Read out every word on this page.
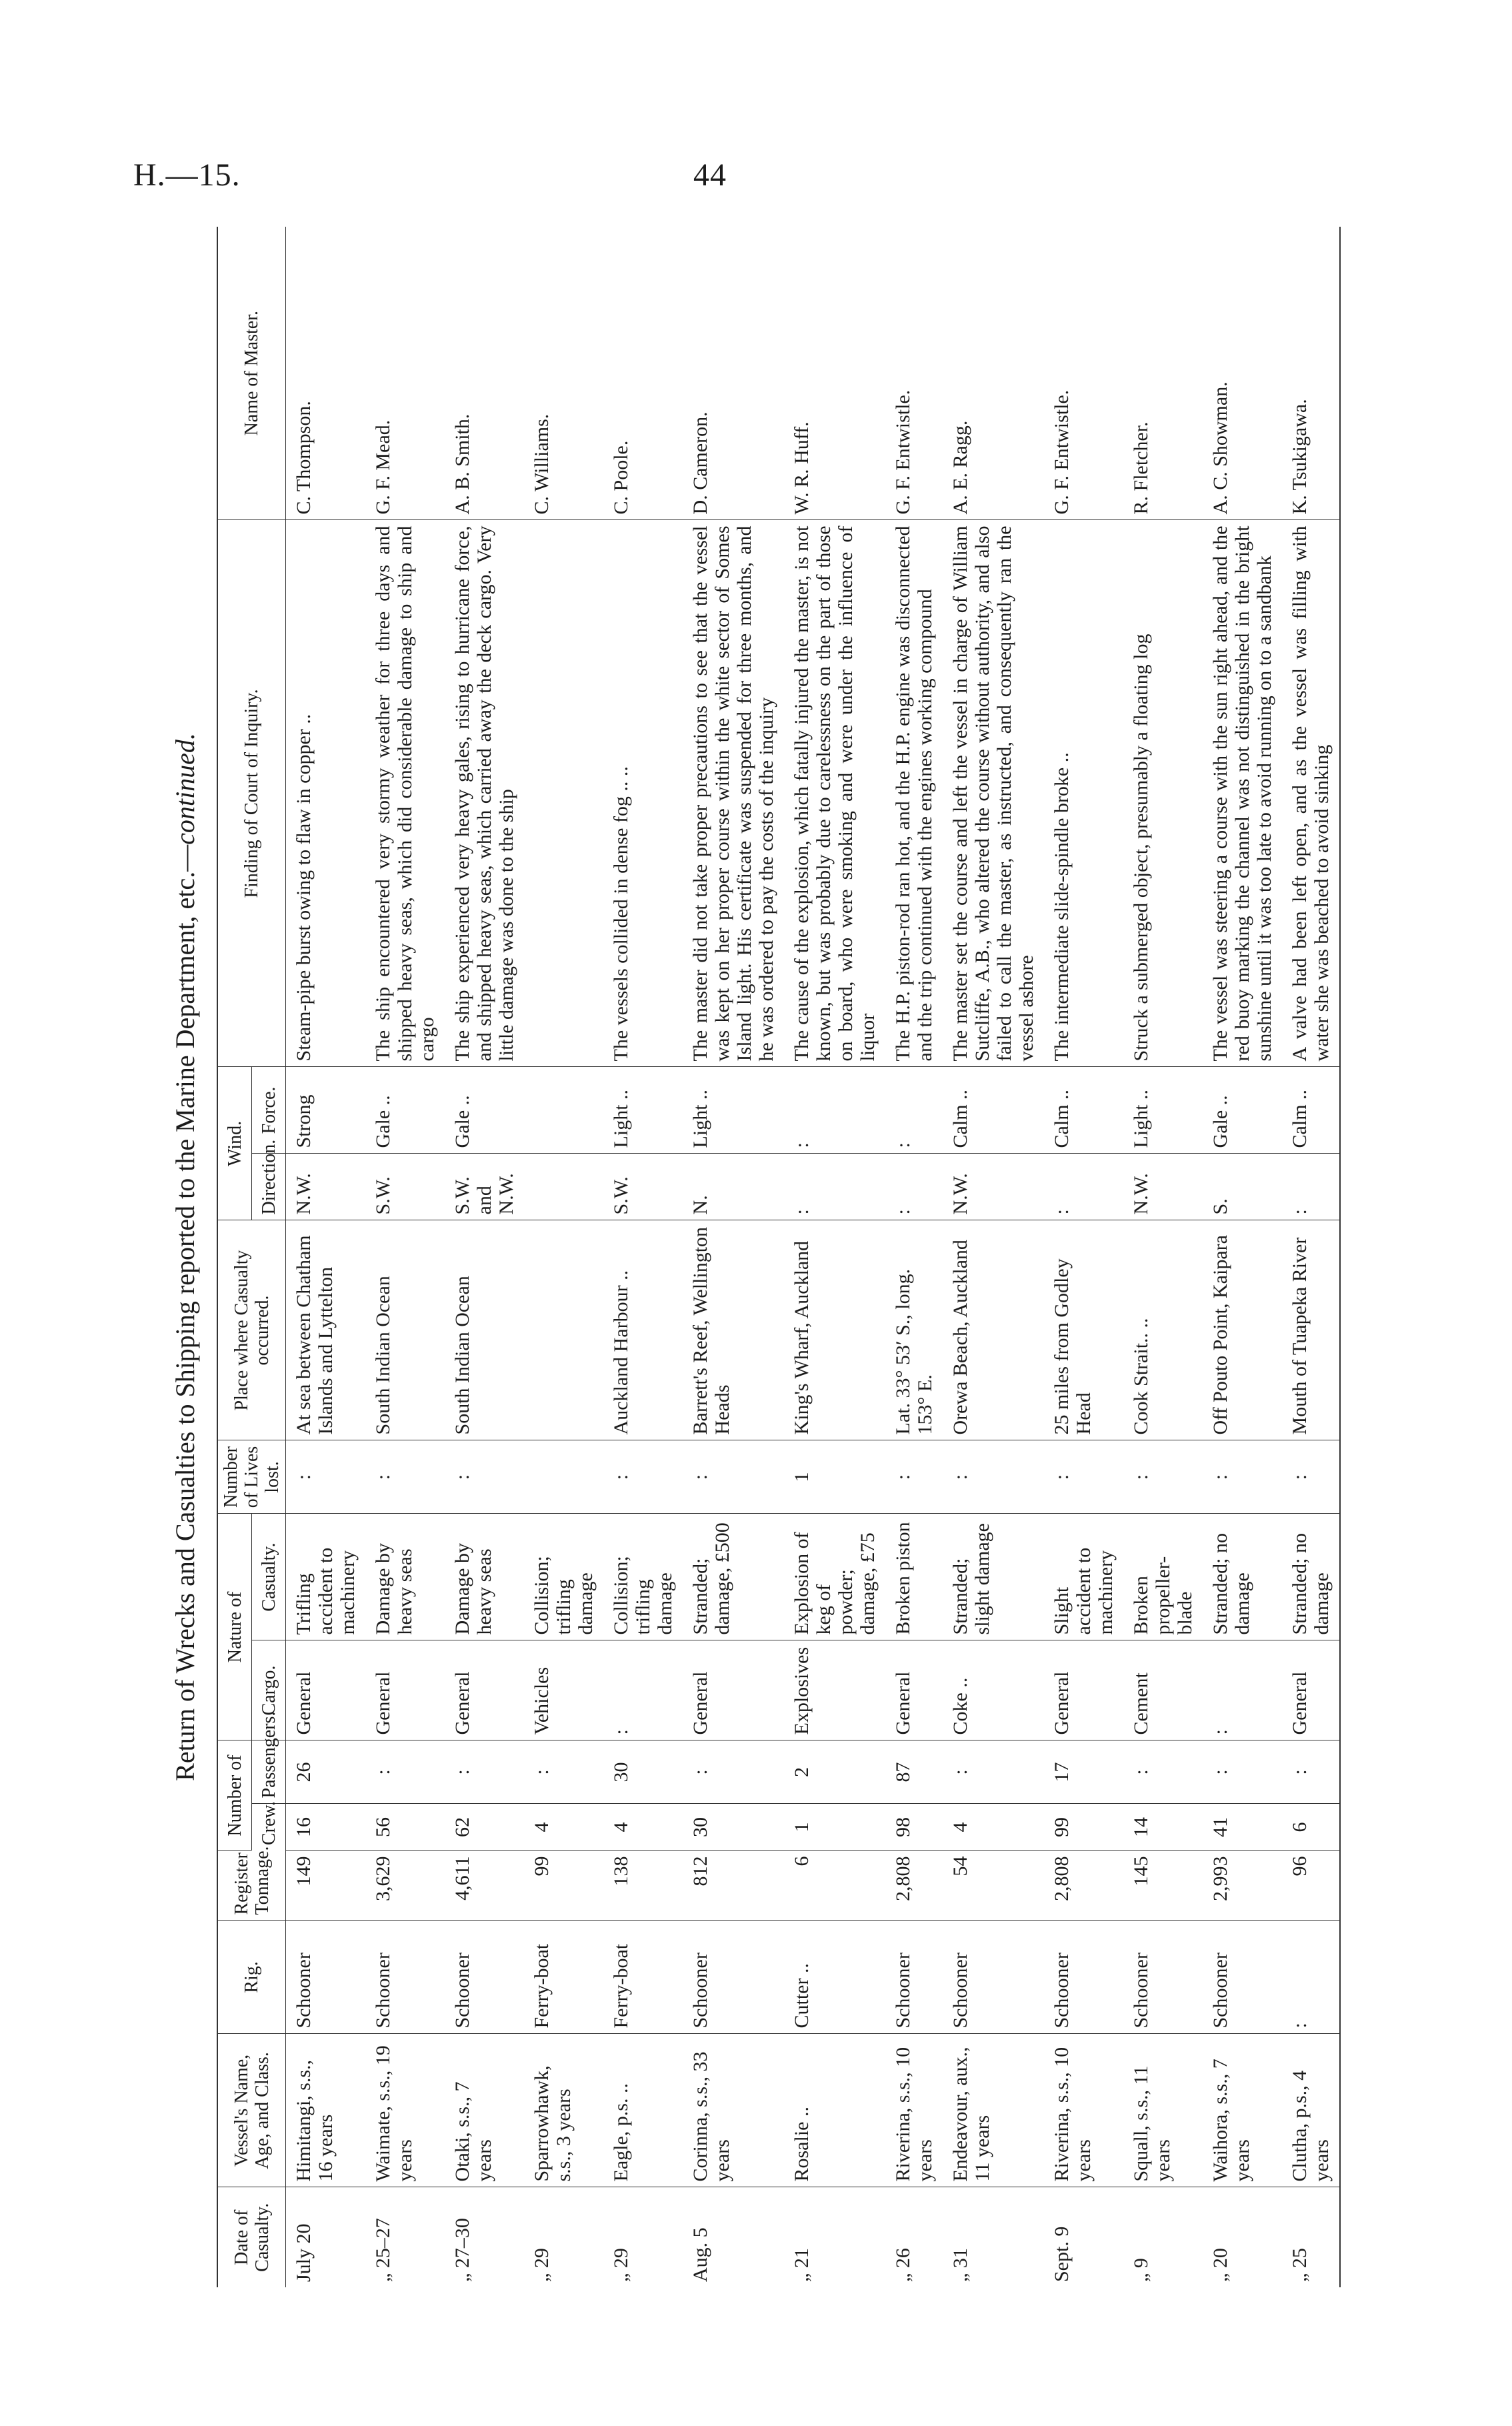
H.—15.	44
Return of Wrecks and Casualties to Shipping reported to the Marine Department, etc.—continued.
Date of Casualty.	Vessel's Name, Age, and Class.	Rig.	Register Tonnage.	Number of		Nature of		Number of Lives lost.	Place where Casualty occurred.	Wind.		Finding of Court of Inquiry.	Name of Master.
				Crew.	Passengers.	Cargo.	Casualty.			Direction.	Force.		
July 20	Himitangi, s.s., 16 years	Schooner	149	16	26	General	Trifling accident to machinery	:	At sea between Chatham Islands and Lyttelton	N.W.	Strong	Steam-pipe burst owing to flaw in copper ..	C. Thompson.
„ 25–27	Waimate, s.s., 19 years	Schooner	3,629	56	:	General	Damage by heavy seas	:	South Indian Ocean	S.W.	Gale ..	The ship encountered very stormy weather for three days and shipped heavy seas, which did considerable damage to ship and cargo	G. F. Mead.
„ 27–30	Otaki, s.s., 7 years	Schooner	4,611	62	:	General	Damage by heavy seas	:	South Indian Ocean	S.W. and N.W.	Gale ..	The ship experienced very heavy gales, rising to hurricane force, and shipped heavy seas, which carried away the deck cargo. Very little damage was done to the ship	A. B. Smith.
„ 29	Sparrowhawk, s.s., 3 years	Ferry-boat	99	4	:	Vehicles	Collision; trifling damage						C. Williams.
„ 29	Eagle, p.s. ..	Ferry-boat	138	4	30	:	Collision; trifling damage	:	Auckland Harbour ..	S.W.	Light ..	The vessels collided in dense fog .. ..	C. Poole.
Aug. 5	Corinna, s.s., 33 years	Schooner	812	30	:	General	Stranded; damage, £500	:	Barrett's Reef, Wellington Heads	N.	Light ..	The master did not take proper precautions to see that the vessel was kept on her proper course within the white sector of Somes Island light. His certificate was suspended for three months, and he was ordered to pay the costs of the inquiry	D. Cameron.
„ 21	Rosalie ..	Cutter ..	6	1	2	Explosives	Explosion of keg of powder; damage, £75	1	King's Wharf, Auckland	:	:	The cause of the explosion, which fatally injured the master, is not known, but was probably due to carelessness on the part of those on board, who were smoking and were under the influence of liquor	W. R. Huff.
„ 26	Riverina, s.s., 10 years	Schooner	2,808	98	87	General	Broken piston	:	Lat. 33° 53′ S., long. 153° E.	:	:	The H.P. piston-rod ran hot, and the H.P. engine was disconnected and the trip continued with the engines working compound	G. F. Entwistle.
„ 31	Endeavour, aux., 11 years	Schooner	54	4	:	Coke ..	Stranded; slight damage	:	Orewa Beach, Auckland	N.W.	Calm ..	The master set the course and left the vessel in charge of William Sutcliffe, A.B., who altered the course without authority, and also failed to call the master, as instructed, and consequently ran the vessel ashore	A. E. Ragg.
Sept. 9	Riverina, s.s., 10 years	Schooner	2,808	99	17	General	Slight accident to machinery	:	25 miles from Godley Head	:	Calm ..	The intermediate slide-spindle broke ..	G. F. Entwistle.
„ 9	Squall, s.s., 11 years	Schooner	145	14	:	Cement	Broken propeller-blade	:	Cook Strait.. ..	N.W.	Light ..	Struck a submerged object, presumably a floating log	R. Fletcher.
„ 20	Waihora, s.s., 7 years	Schooner	2,993	41	:	:	Stranded; no damage	:	Off Pouto Point, Kaipara	S.	Gale ..	The vessel was steering a course with the sun right ahead, and the red buoy marking the channel was not distinguished in the bright sunshine until it was too late to avoid running on to a sandbank	A. C. Showman.
„ 25	Clutha, p.s., 4 years	:	96	6	:	General	Stranded; no damage	:	Mouth of Tuapeka River	:	Calm ..	A valve had been left open, and as the vessel was filling with water she was beached to avoid sinking	K. Tsukigawa.
